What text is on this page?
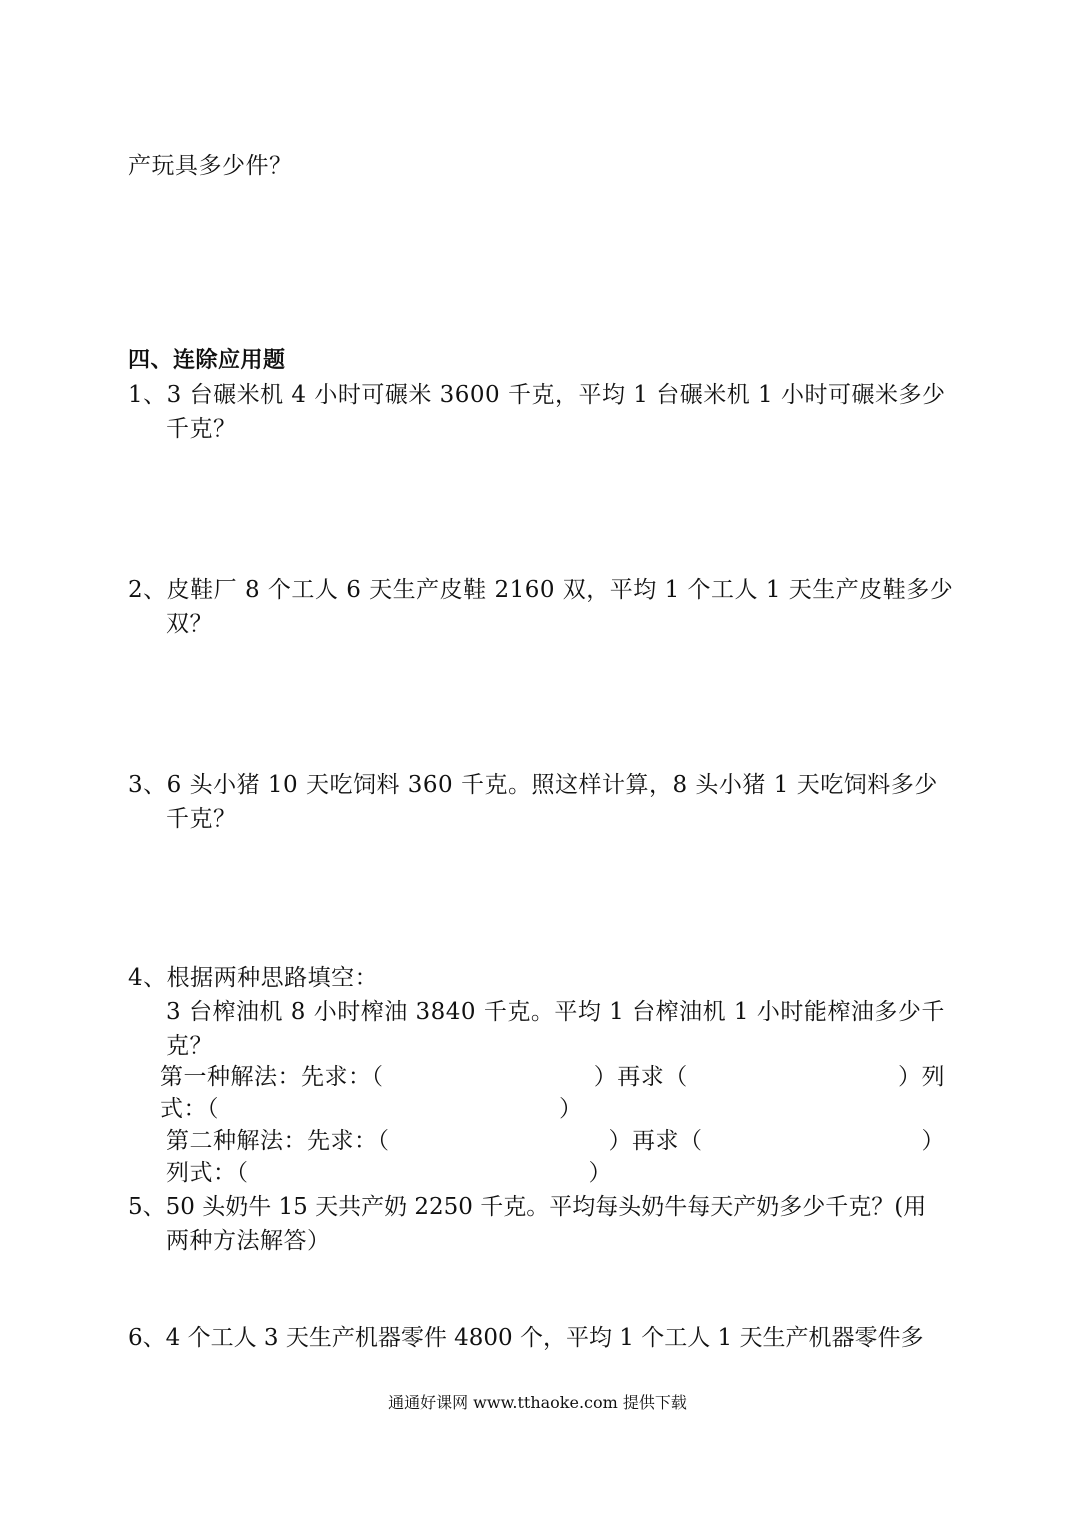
产玩具多少件？
四、连除应用题
1、3 台碾米机 4 小时可碾米 3600 千克，平均 1 台碾米机 1 小时可碾米多少
千克？
2、皮鞋厂 8 个工人 6 天生产皮鞋 2160 双，平均 1 个工人 1 天生产皮鞋多少
双？
3、6 头小猪 10 天吃饲料 360 千克。照这样计算，8 头小猪 1 天吃饲料多少
千克？
4、根据两种思路填空：
3 台榨油机 8 小时榨油 3840 千克。平均 1 台榨油机 1 小时能榨油多少千
克？
第一种解法：先求：（	）再求（	）列
式：（	）
第二种解法：先求：（	）再求（	）
列式：（	）
5、50 头奶牛 15 天共产奶 2250 千克。平均每头奶牛每天产奶多少千克？(用
两种方法解答）
6、4 个工人 3 天生产机器零件 4800 个，平均 1 个工人 1 天生产机器零件多
通通好课网 www.tthaoke.com 提供下载
